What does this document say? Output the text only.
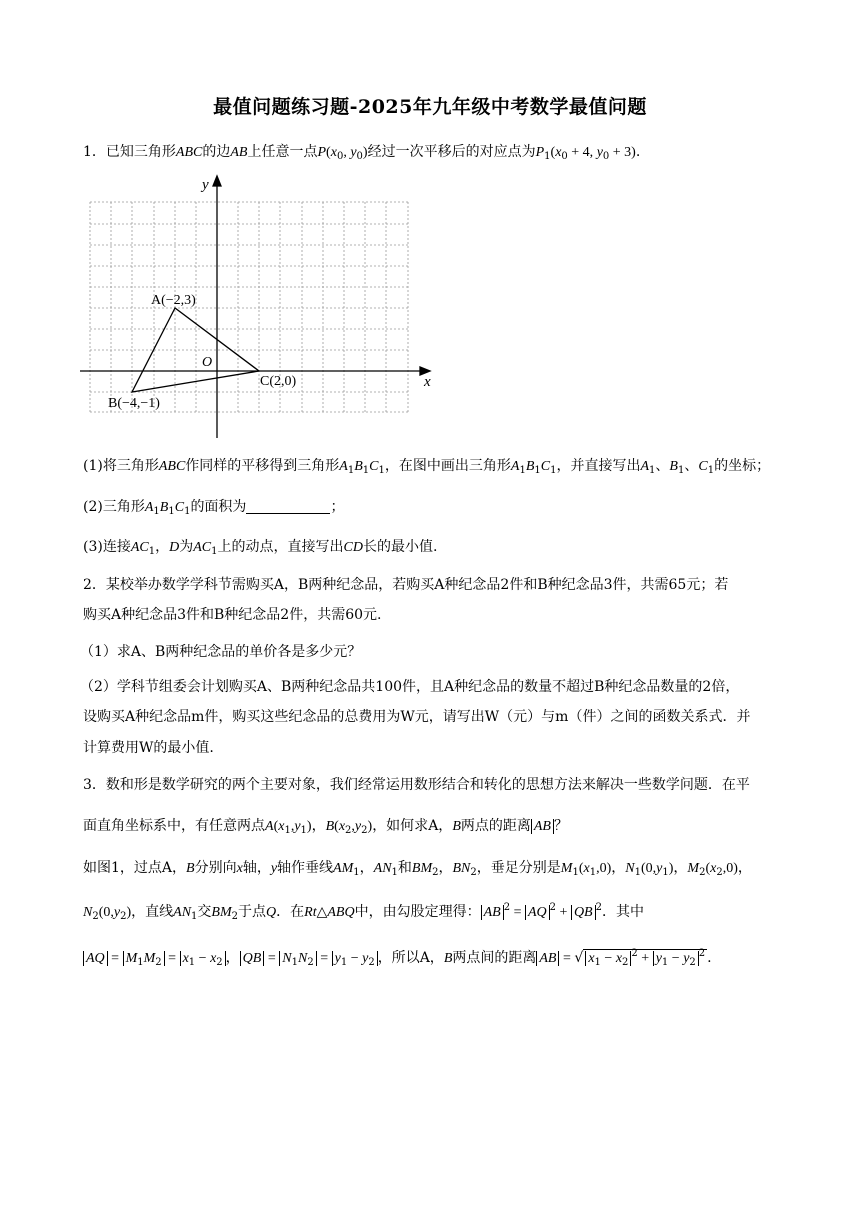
最值问题练习题-2025年九年级中考数学最值问题
1．已知三角形ABC的边AB上任意一点$P(x_0$, $y_0$)经过一次平移后的对应点为$P_1(x_0 + 4$, $y_0 + 3$).
y
x
O
A(−2,3)
B(−4,−1)
C(2,0)
(1)将三角形ABC作同样的平移得到三角形$A_1B_1C_1$，在图中画出三角形$A_1B_1C_1$，并直接写出$A_1$、$B_1$、$C_1$的坐标；
(2)三角形$A_1B_1C_1$的面积为	；
(3)连接$AC_1$，D为$AC_1$上的动点，直接写出CD长的最小值.
2．某校举办数学学科节需购买A，B两种纪念品，若购买A种纪念品2件和B种纪念品3件，共需65元；若
购买A种纪念品3件和B种纪念品2件，共需60元.
（1）求A、B两种纪念品的单价各是多少元？
（2）学科节组委会计划购买A、B两种纪念品共100件，且A种纪念品的数量不超过B种纪念品数量的2倍，
设购买A种纪念品m件，购买这些纪念品的总费用为W元，请写出W（元）与m（件）之间的函数关系式．并
计算费用W的最小值.
3．数和形是数学研究的两个主要对象，我们经常运用数形结合和转化的思想方法来解决一些数学问题．在平
面直角坐标系中，有任意两点$A(x_1,y_1)$，$B(x_2,y_2)$，如何求A，B两点的距离 AB ？
如图1，过点A，B分别向x轴，y轴作垂线$AM_1$，$AN_1$和$BM_2$，$BN_2$，垂足分别是$M_1(x_1,0)$，$N_1(0,y_1)$，$M_2(x_2,0)$，
$N_2(0,y_2)$，直线$AN_1$交$BM_2$于点Q．在Rt△ABQ中，由勾股定理得： AB $^2$ = AQ $^2$ + QB $^2$．其中
AQ = $M_1M_2 = x_1 - x_2$ ， QB = $N_1N_2 = y_1 - y_2$ ，所以A，B两点间的距离 AB = √ $x_1 - x_2^2 + y_1 - y_2^2$ .
